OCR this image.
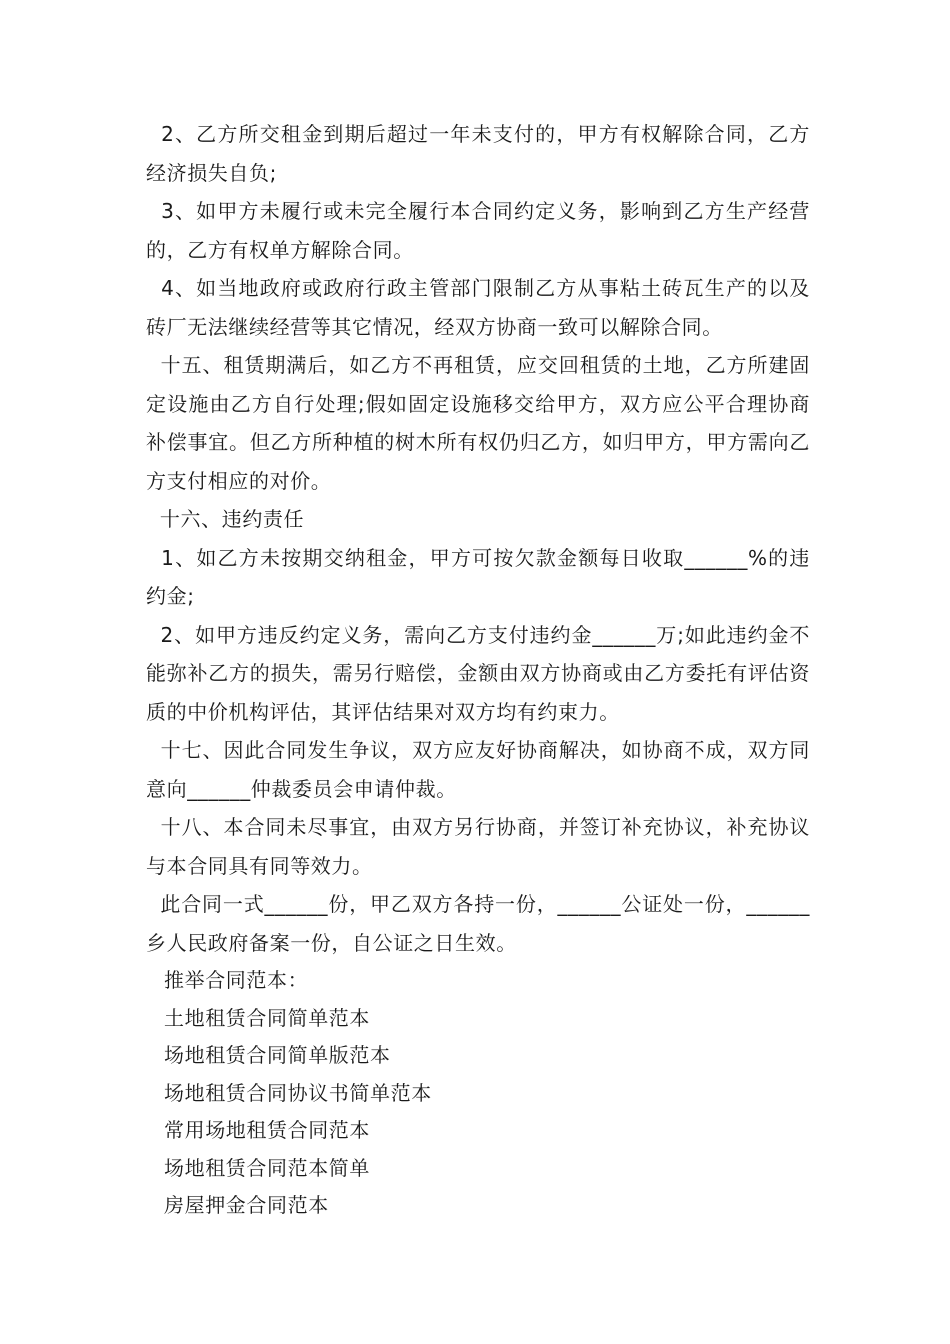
2、乙方所交租金到期后超过一年未支付的，甲方有权解除合同，乙方经济损失自负;

3、如甲方未履行或未完全履行本合同约定义务，影响到乙方生产经营的，乙方有权单方解除合同。

4、如当地政府或政府行政主管部门限制乙方从事粘土砖瓦生产的以及砖厂无法继续经营等其它情况，经双方协商一致可以解除合同。

十五、租赁期满后，如乙方不再租赁，应交回租赁的土地，乙方所建固定设施由乙方自行处理;假如固定设施移交给甲方，双方应公平合理协商补偿事宜。但乙方所种植的树木所有权仍归乙方，如归甲方，甲方需向乙方支付相应的对价。

十六、违约责任

1、如乙方未按期交纳租金，甲方可按欠款金额每日收取______%的违约金;

2、如甲方违反约定义务，需向乙方支付违约金______万;如此违约金不能弥补乙方的损失，需另行赔偿，金额由双方协商或由乙方委托有评估资质的中价机构评估，其评估结果对双方均有约束力。

十七、因此合同发生争议，双方应友好协商解决，如协商不成，双方同意向______仲裁委员会申请仲裁。

十八、本合同未尽事宜，由双方另行协商，并签订补充协议，补充协议与本合同具有同等效力。

此合同一式______份，甲乙双方各持一份，______公证处一份，______乡人民政府备案一份，自公证之日生效。

推举合同范本：

土地租赁合同简单范本

场地租赁合同简单版范本

场地租赁合同协议书简单范本

常用场地租赁合同范本

场地租赁合同范本简单

房屋押金合同范本
